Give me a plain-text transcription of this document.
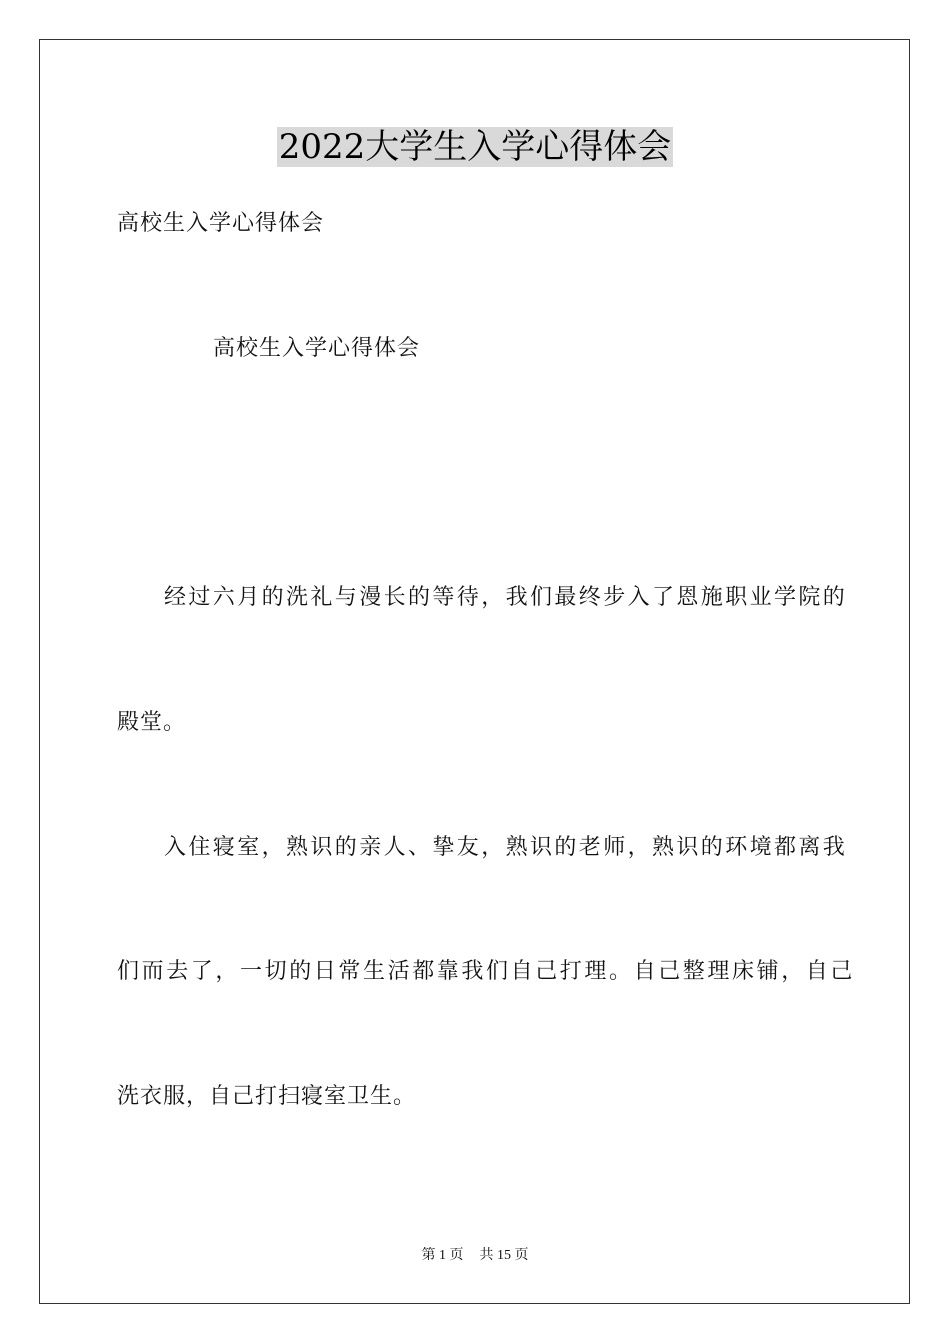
2022大学生入学心得体会
高校生入学心得体会
高校生入学心得体会
经过六月的洗礼与漫长的等待，我们最终步入了恩施职业学院的
殿堂。
入住寝室，熟识的亲人、挚友，熟识的老师，熟识的环境都离我
们而去了，一切的日常生活都靠我们自己打理。自己整理床铺，自己
洗衣服，自己打扫寝室卫生。
第 1 页 共 15 页
